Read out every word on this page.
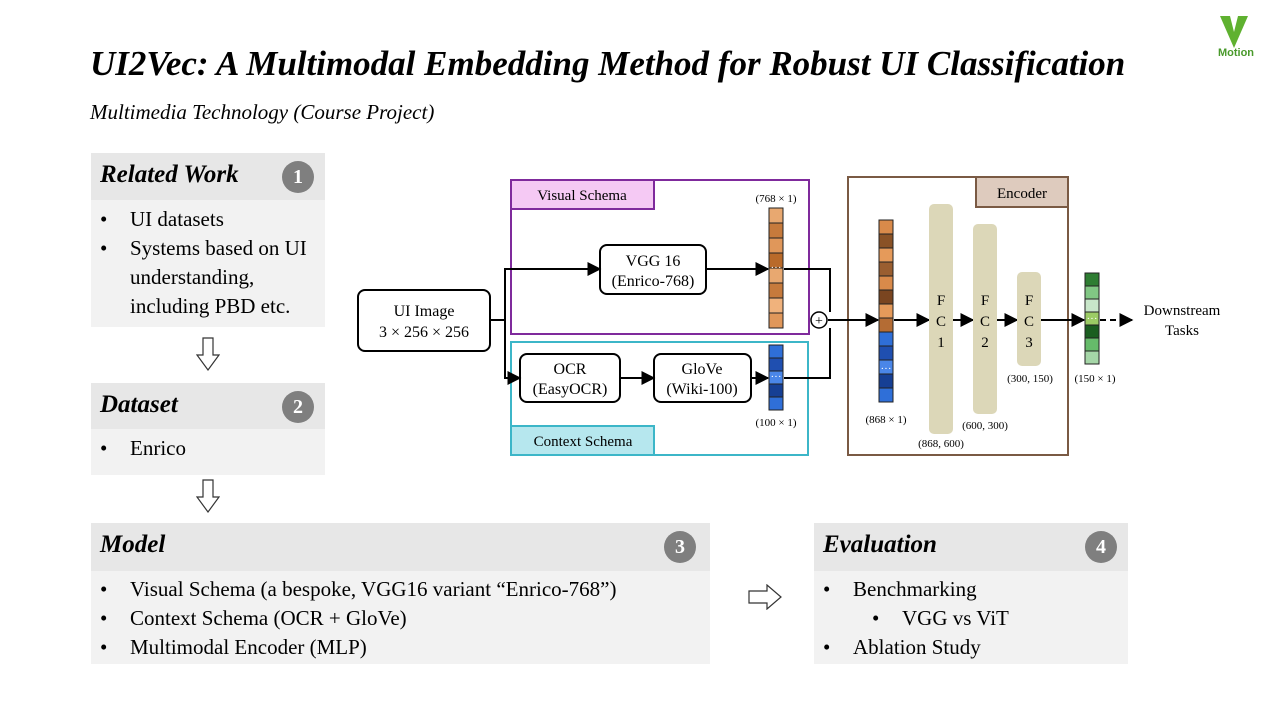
UI2Vec: A Multimodal Embedding Method for Robust UI Classification
Multimedia Technology (Course Project)
Motion
Related Work	1
• UI datasets
• Systems based on UI understanding, including PBD etc.
Dataset	2
• Enrico
Model	3
• Visual Schema (a bespoke, VGG16 variant “Enrico-768”)
• Context Schema (OCR + GloVe)
• Multimodal Encoder (MLP)
Evaluation	4
• Benchmarking
• VGG vs ViT
• Ablation Study
Visual Schema
Context Schema
Encoder
UI Image
3 × 256 × 256
VGG 16
(Enrico-768)
OCR
(EasyOCR)
GloVe
(Wiki-100)
+
···
···
···
···
(768 × 1)
(100 × 1)	(868 × 1)
(150 × 1)
F
C
1
F
C
2
F
C
3
(868, 600)
(600, 300)
(300, 150)
Downstream
Tasks
